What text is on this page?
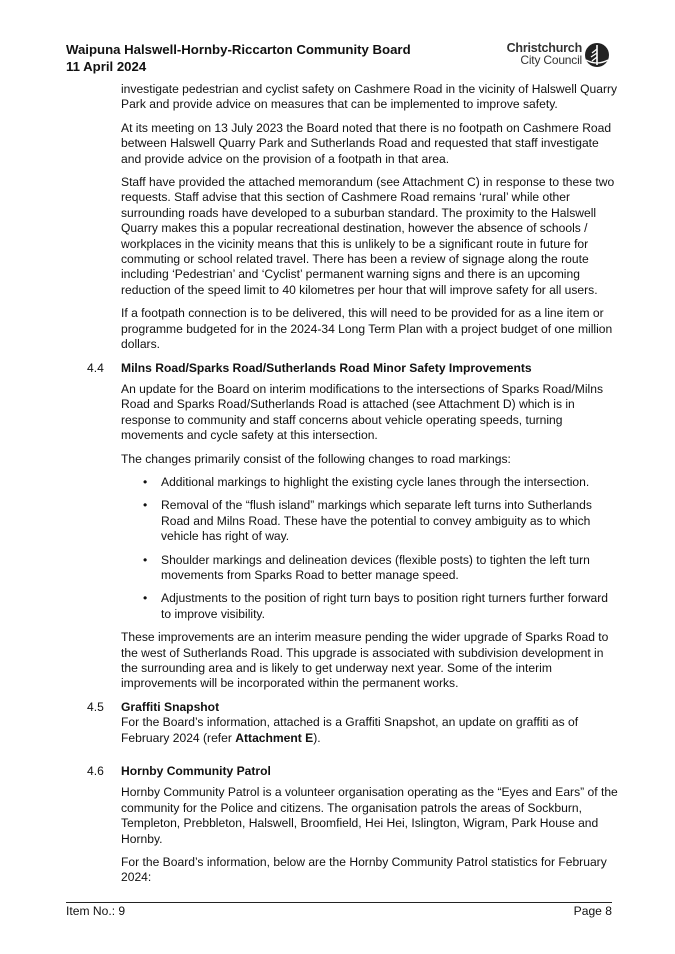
Waipuna Halswell-Hornby-Riccarton Community Board
11 April 2024
Christchurch
City Council

investigate pedestrian and cyclist safety on Cashmere Road in the vicinity of Halswell Quarry Park and provide advice on measures that can be implemented to improve safety.

At its meeting on 13 July 2023 the Board noted that there is no footpath on Cashmere Road between Halswell Quarry Park and Sutherlands Road and requested that staff investigate and provide advice on the provision of a footpath in that area.

Staff have provided the attached memorandum (see Attachment C) in response to these two requests. Staff advise that this section of Cashmere Road remains ‘rural’ while other surrounding roads have developed to a suburban standard. The proximity to the Halswell Quarry makes this a popular recreational destination, however the absence of schools / workplaces in the vicinity means that this is unlikely to be a significant route in future for commuting or school related travel. There has been a review of signage along the route including ‘Pedestrian’ and ‘Cyclist’ permanent warning signs and there is an upcoming reduction of the speed limit to 40 kilometres per hour that will improve safety for all users.

If a footpath connection is to be delivered, this will need to be provided for as a line item or programme budgeted for in the 2024-34 Long Term Plan with a project budget of one million dollars.

4.4 Milns Road/Sparks Road/Sutherlands Road Minor Safety Improvements

An update for the Board on interim modifications to the intersections of Sparks Road/Milns Road and Sparks Road/Sutherlands Road is attached (see Attachment D) which is in response to community and staff concerns about vehicle operating speeds, turning movements and cycle safety at this intersection.

The changes primarily consist of the following changes to road markings:

• Additional markings to highlight the existing cycle lanes through the intersection.
• Removal of the “flush island” markings which separate left turns into Sutherlands Road and Milns Road. These have the potential to convey ambiguity as to which vehicle has right of way.
• Shoulder markings and delineation devices (flexible posts) to tighten the left turn movements from Sparks Road to better manage speed.
• Adjustments to the position of right turn bays to position right turners further forward to improve visibility.

These improvements are an interim measure pending the wider upgrade of Sparks Road to the west of Sutherlands Road. This upgrade is associated with subdivision development in the surrounding area and is likely to get underway next year. Some of the interim improvements will be incorporated within the permanent works.

4.5 Graffiti Snapshot

For the Board’s information, attached is a Graffiti Snapshot, an update on graffiti as of February 2024 (refer Attachment E).

4.6 Hornby Community Patrol

Hornby Community Patrol is a volunteer organisation operating as the “Eyes and Ears” of the community for the Police and citizens. The organisation patrols the areas of Sockburn, Templeton, Prebbleton, Halswell, Broomfield, Hei Hei, Islington, Wigram, Park House and Hornby.

For the Board’s information, below are the Hornby Community Patrol statistics for February 2024:

Item No.: 9	Page 8
